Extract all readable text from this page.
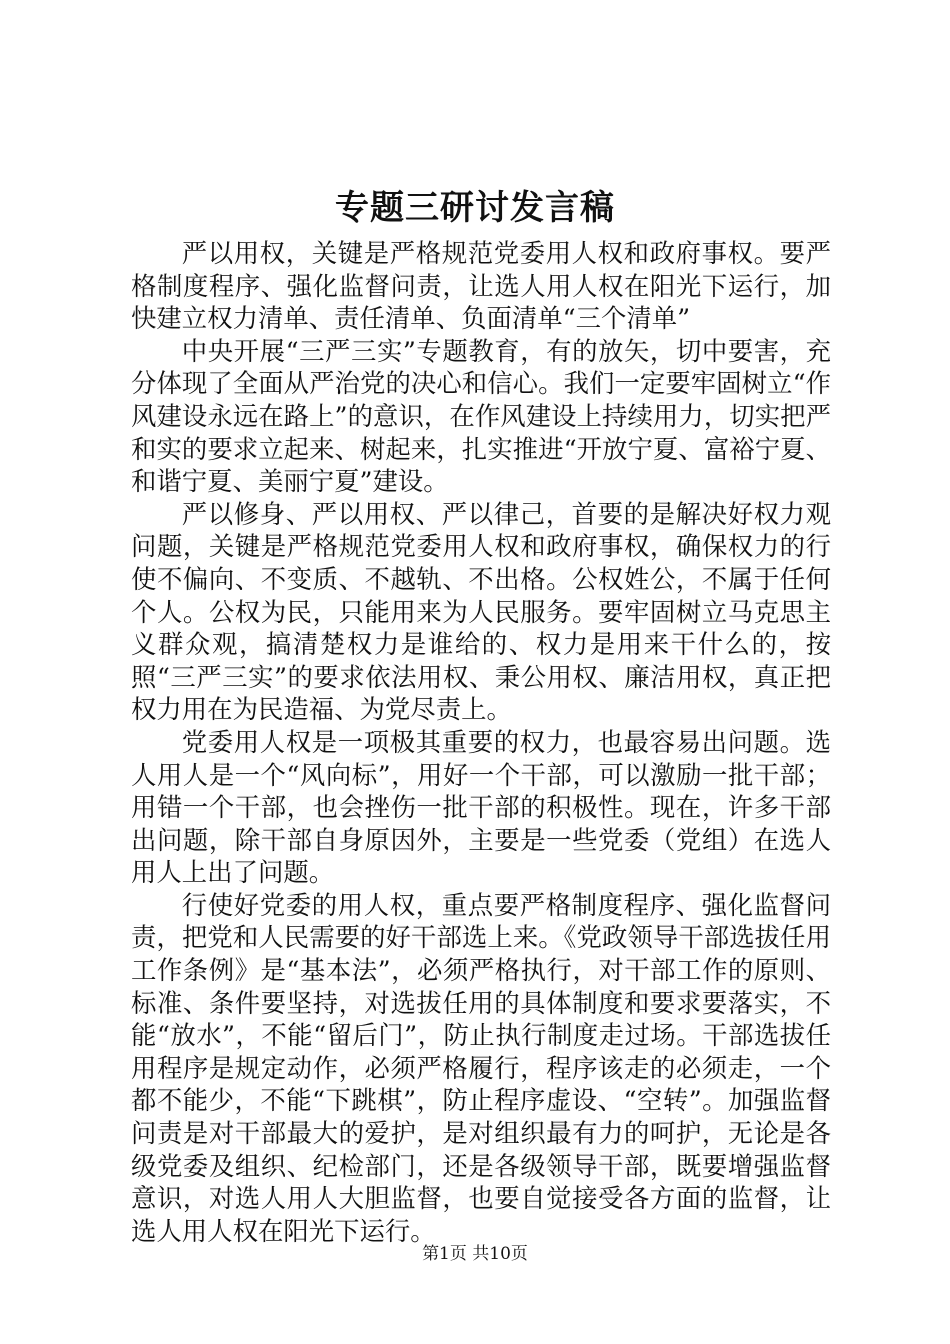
专题三研讨发言稿

严以用权，关键是严格规范党委用人权和政府事权。要严格制度程序、强化监督问责，让选人用人权在阳光下运行，加快建立权力清单、责任清单、负面清单“三个清单”

中央开展“三严三实”专题教育，有的放矢，切中要害，充分体现了全面从严治党的决心和信心。我们一定要牢固树立“作风建设永远在路上”的意识，在作风建设上持续用力，切实把严和实的要求立起来、树起来，扎实推进“开放宁夏、富裕宁夏、和谐宁夏、美丽宁夏”建设。

严以修身、严以用权、严以律己，首要的是解决好权力观问题，关键是严格规范党委用人权和政府事权，确保权力的行使不偏向、不变质、不越轨、不出格。公权姓公，不属于任何个人。公权为民，只能用来为人民服务。要牢固树立马克思主义群众观，搞清楚权力是谁给的、权力是用来干什么的，按照“三严三实”的要求依法用权、秉公用权、廉洁用权，真正把权力用在为民造福、为党尽责上。

党委用人权是一项极其重要的权力，也最容易出问题。选人用人是一个“风向标”，用好一个干部，可以激励一批干部；用错一个干部，也会挫伤一批干部的积极性。现在，许多干部出问题，除干部自身原因外，主要是一些党委（党组）在选人用人上出了问题。

行使好党委的用人权，重点要严格制度程序、强化监督问责，把党和人民需要的好干部选上来。《党政领导干部选拔任用工作条例》是“基本法”，必须严格执行，对干部工作的原则、标准、条件要坚持，对选拔任用的具体制度和要求要落实，不能“放水”，不能“留后门”，防止执行制度走过场。干部选拔任用程序是规定动作，必须严格履行，程序该走的必须走，一个都不能少，不能“下跳棋”，防止程序虚设、“空转”。加强监督问责是对干部最大的爱护，是对组织最有力的呵护，无论是各级党委及组织、纪检部门，还是各级领导干部，既要增强监督意识，对选人用人大胆监督，也要自觉接受各方面的监督，让选人用人权在阳光下运行。

第1页 共10页
